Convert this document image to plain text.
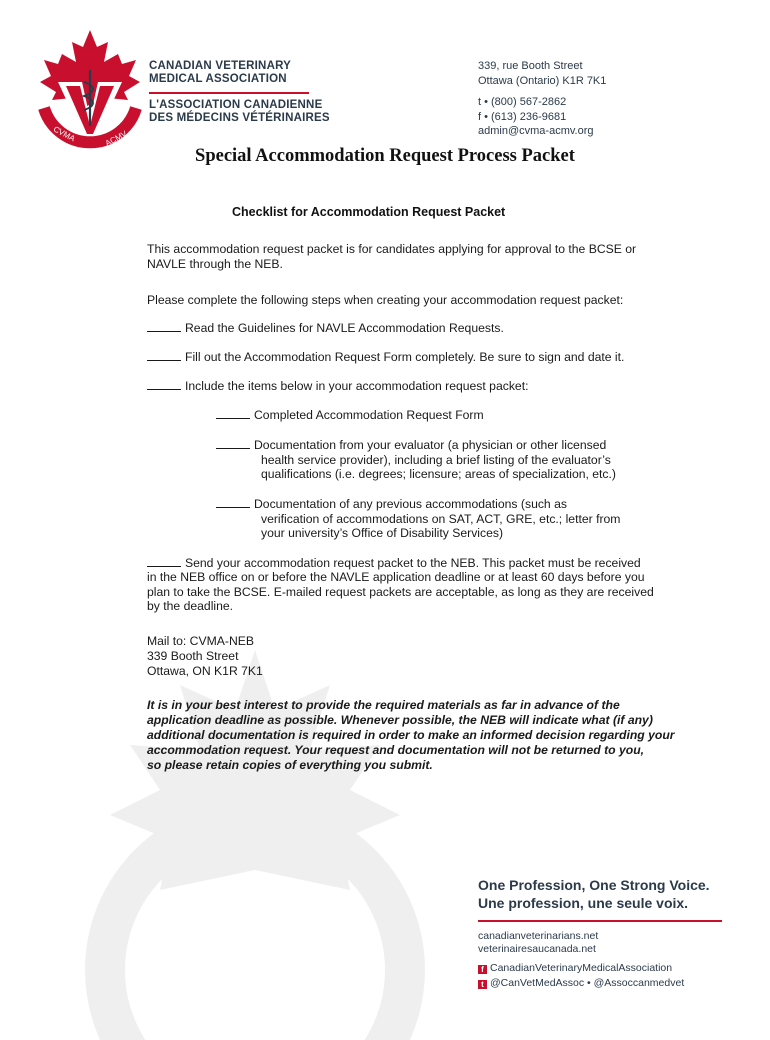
CVMA	ACMV
CANADIAN VETERINARY
MEDICAL ASSOCIATION
L'ASSOCIATION CANADIENNE
DES MÉDECINS VÉTÉRINAIRES
339, rue Booth Street
Ottawa (Ontario) K1R 7K1
t • (800) 567-2862
f • (613) 236-9681
admin@cvma-acmv.org
Special Accommodation Request Process Packet
Checklist for Accommodation Request Packet
This accommodation request packet is for candidates applying for approval to the BCSE or
NAVLE through the NEB.
Please complete the following steps when creating your accommodation request packet:
Read the Guidelines for NAVLE Accommodation Requests.
Fill out the Accommodation Request Form completely. Be sure to sign and date it.
Include the items below in your accommodation request packet:
Completed Accommodation Request Form
Documentation from your evaluator (a physician or other licensed
health service provider), including a brief listing of the evaluator’s
qualifications (i.e. degrees; licensure; areas of specialization, etc.)
Documentation of any previous accommodations (such as
verification of accommodations on SAT, ACT, GRE, etc.; letter from
your university’s Office of Disability Services)
Send your accommodation request packet to the NEB. This packet must be received
in the NEB office on or before the NAVLE application deadline or at least 60 days before you
plan to take the BCSE. E-mailed request packets are acceptable, as long as they are received
by the deadline.
Mail to: CVMA-NEB
339 Booth Street
Ottawa, ON K1R 7K1
It is in your best interest to provide the required materials as far in advance of the
application deadline as possible. Whenever possible, the NEB will indicate what (if any)
additional documentation is required in order to make an informed decision regarding your
accommodation request. Your request and documentation will not be returned to you,
so please retain copies of everything you submit.
One Profession, One Strong Voice.
Une profession, une seule voix.
canadianveterinarians.net
veterinairesaucanada.net
f CanadianVeterinaryMedicalAssociation
t @CanVetMedAssoc • @Assoccanmedvet
